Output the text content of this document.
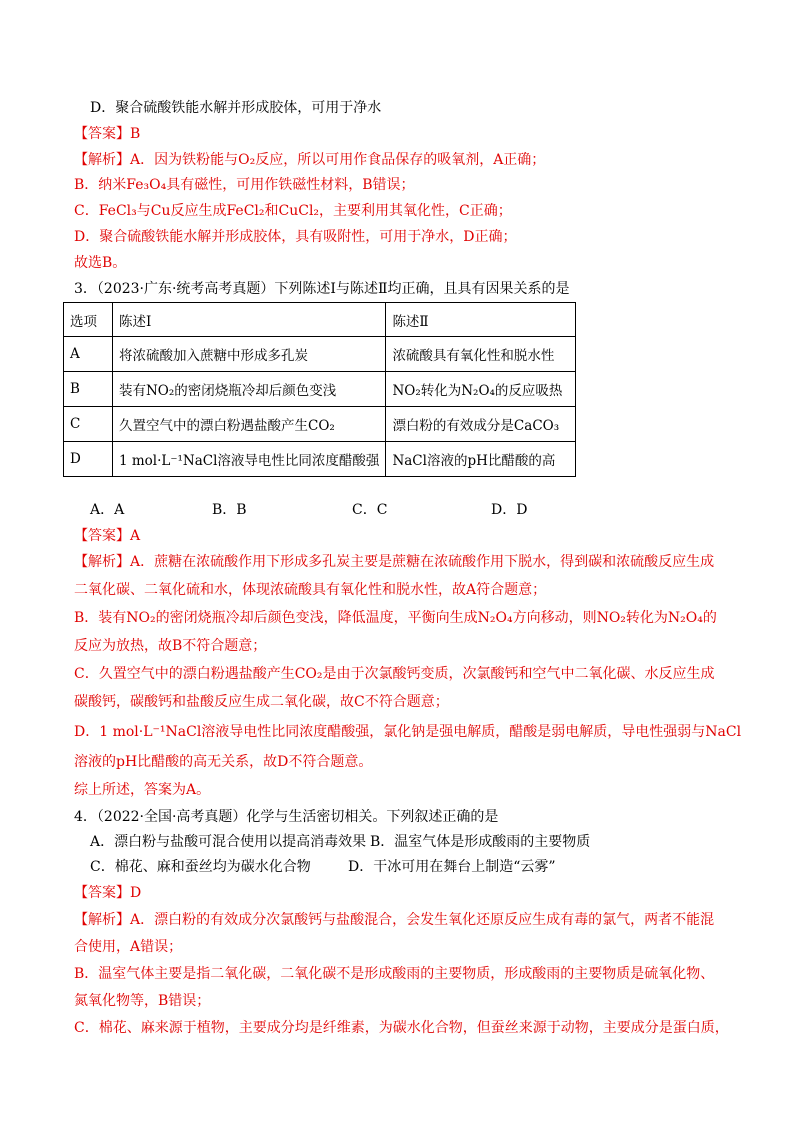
D．聚合硫酸铁能水解并形成胶体，可用于净水
【答案】B
【解析】A．因为铁粉能与O₂反应，所以可用作食品保存的吸氧剂，A正确；
B．纳米Fe₃O₄具有磁性，可用作铁磁性材料，B错误；
C．FeCl₃与Cu反应生成FeCl₂和CuCl₂，主要利用其氧化性，C正确；
D．聚合硫酸铁能水解并形成胶体，具有吸附性，可用于净水，D正确；
故选B。
3．（2023·广东·统考高考真题）下列陈述Ⅰ与陈述Ⅱ均正确，且具有因果关系的是
选项	陈述Ⅰ	陈述Ⅱ
A	将浓硫酸加入蔗糖中形成多孔炭	浓硫酸具有氧化性和脱水性
B	装有NO₂的密闭烧瓶冷却后颜色变浅	NO₂转化为N₂O₄的反应吸热
C	久置空气中的漂白粉遇盐酸产生CO₂	漂白粉的有效成分是CaCO₃
D	1 mol·L⁻¹NaCl溶液导电性比同浓度醋酸强	NaCl溶液的pH比醋酸的高
A．A	B．B	C．C	D．D
【答案】A
【解析】A．蔗糖在浓硫酸作用下形成多孔炭主要是蔗糖在浓硫酸作用下脱水，得到碳和浓硫酸反应生成
二氧化碳、二氧化硫和水，体现浓硫酸具有氧化性和脱水性，故A符合题意；
B．装有NO₂的密闭烧瓶冷却后颜色变浅，降低温度，平衡向生成N₂O₄方向移动，则NO₂转化为N₂O₄的
反应为放热，故B不符合题意；
C．久置空气中的漂白粉遇盐酸产生CO₂是由于次氯酸钙变质，次氯酸钙和空气中二氧化碳、水反应生成
碳酸钙，碳酸钙和盐酸反应生成二氧化碳，故C不符合题意；
D．1 mol·L⁻¹NaCl溶液导电性比同浓度醋酸强，氯化钠是强电解质，醋酸是弱电解质，导电性强弱与NaCl
溶液的pH比醋酸的高无关系，故D不符合题意。
综上所述，答案为A。
4．（2022·全国·高考真题）化学与生活密切相关。下列叙述正确的是
A．漂白粉与盐酸可混合使用以提高消毒效果 B．温室气体是形成酸雨的主要物质
C．棉花、麻和蚕丝均为碳水化合物	D．干冰可用在舞台上制造“云雾”
【答案】D
【解析】A．漂白粉的有效成分次氯酸钙与盐酸混合，会发生氧化还原反应生成有毒的氯气，两者不能混
合使用，A错误；
B．温室气体主要是指二氧化碳，二氧化碳不是形成酸雨的主要物质，形成酸雨的主要物质是硫氧化物、
氮氧化物等，B错误；
C．棉花、麻来源于植物，主要成分均是纤维素，为碳水化合物，但蚕丝来源于动物，主要成分是蛋白质，
